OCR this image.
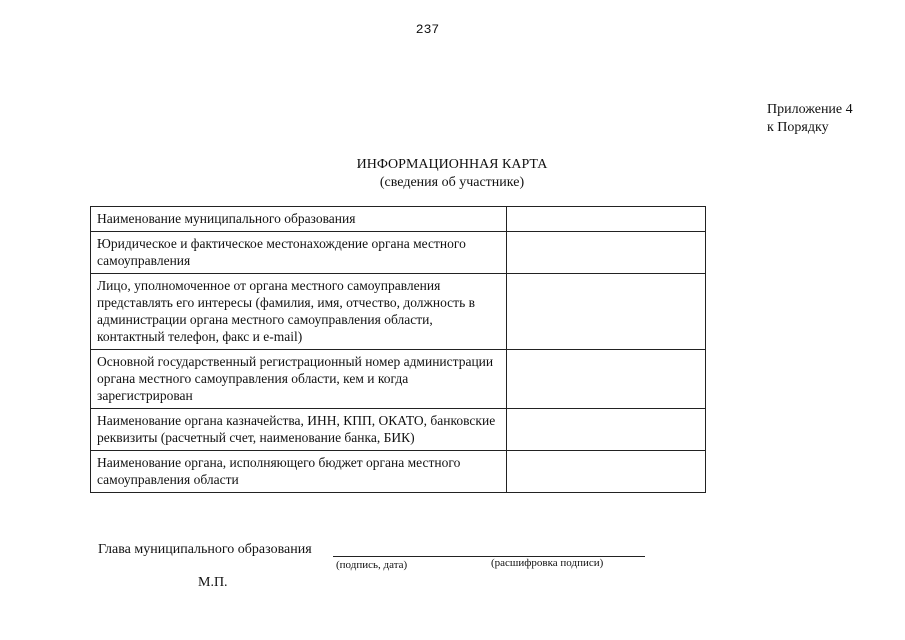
237
Приложение 4
к Порядку
ИНФОРМАЦИОННАЯ КАРТА
(сведения об участнике)
Наименование муниципального образования	
Юридическое и фактическое местонахождение органа местного самоуправления	
Лицо, уполномоченное от органа местного самоуправления представлять его интересы (фамилия, имя, отчество, должность в администрации органа местного самоуправления области, контактный телефон, факс и e-mail)	
Основной государственный регистрационный номер администрации органа местного самоуправления области, кем и когда зарегистрирован	
Наименование органа казначейства, ИНН, КПП, ОКАТО, банковские реквизиты (расчетный счет, наименование банка, БИК)	
Наименование органа, исполняющего бюджет органа местного самоуправления области	
Глава муниципального образования
(подпись, дата)	(расшифровка подписи)
М.П.
